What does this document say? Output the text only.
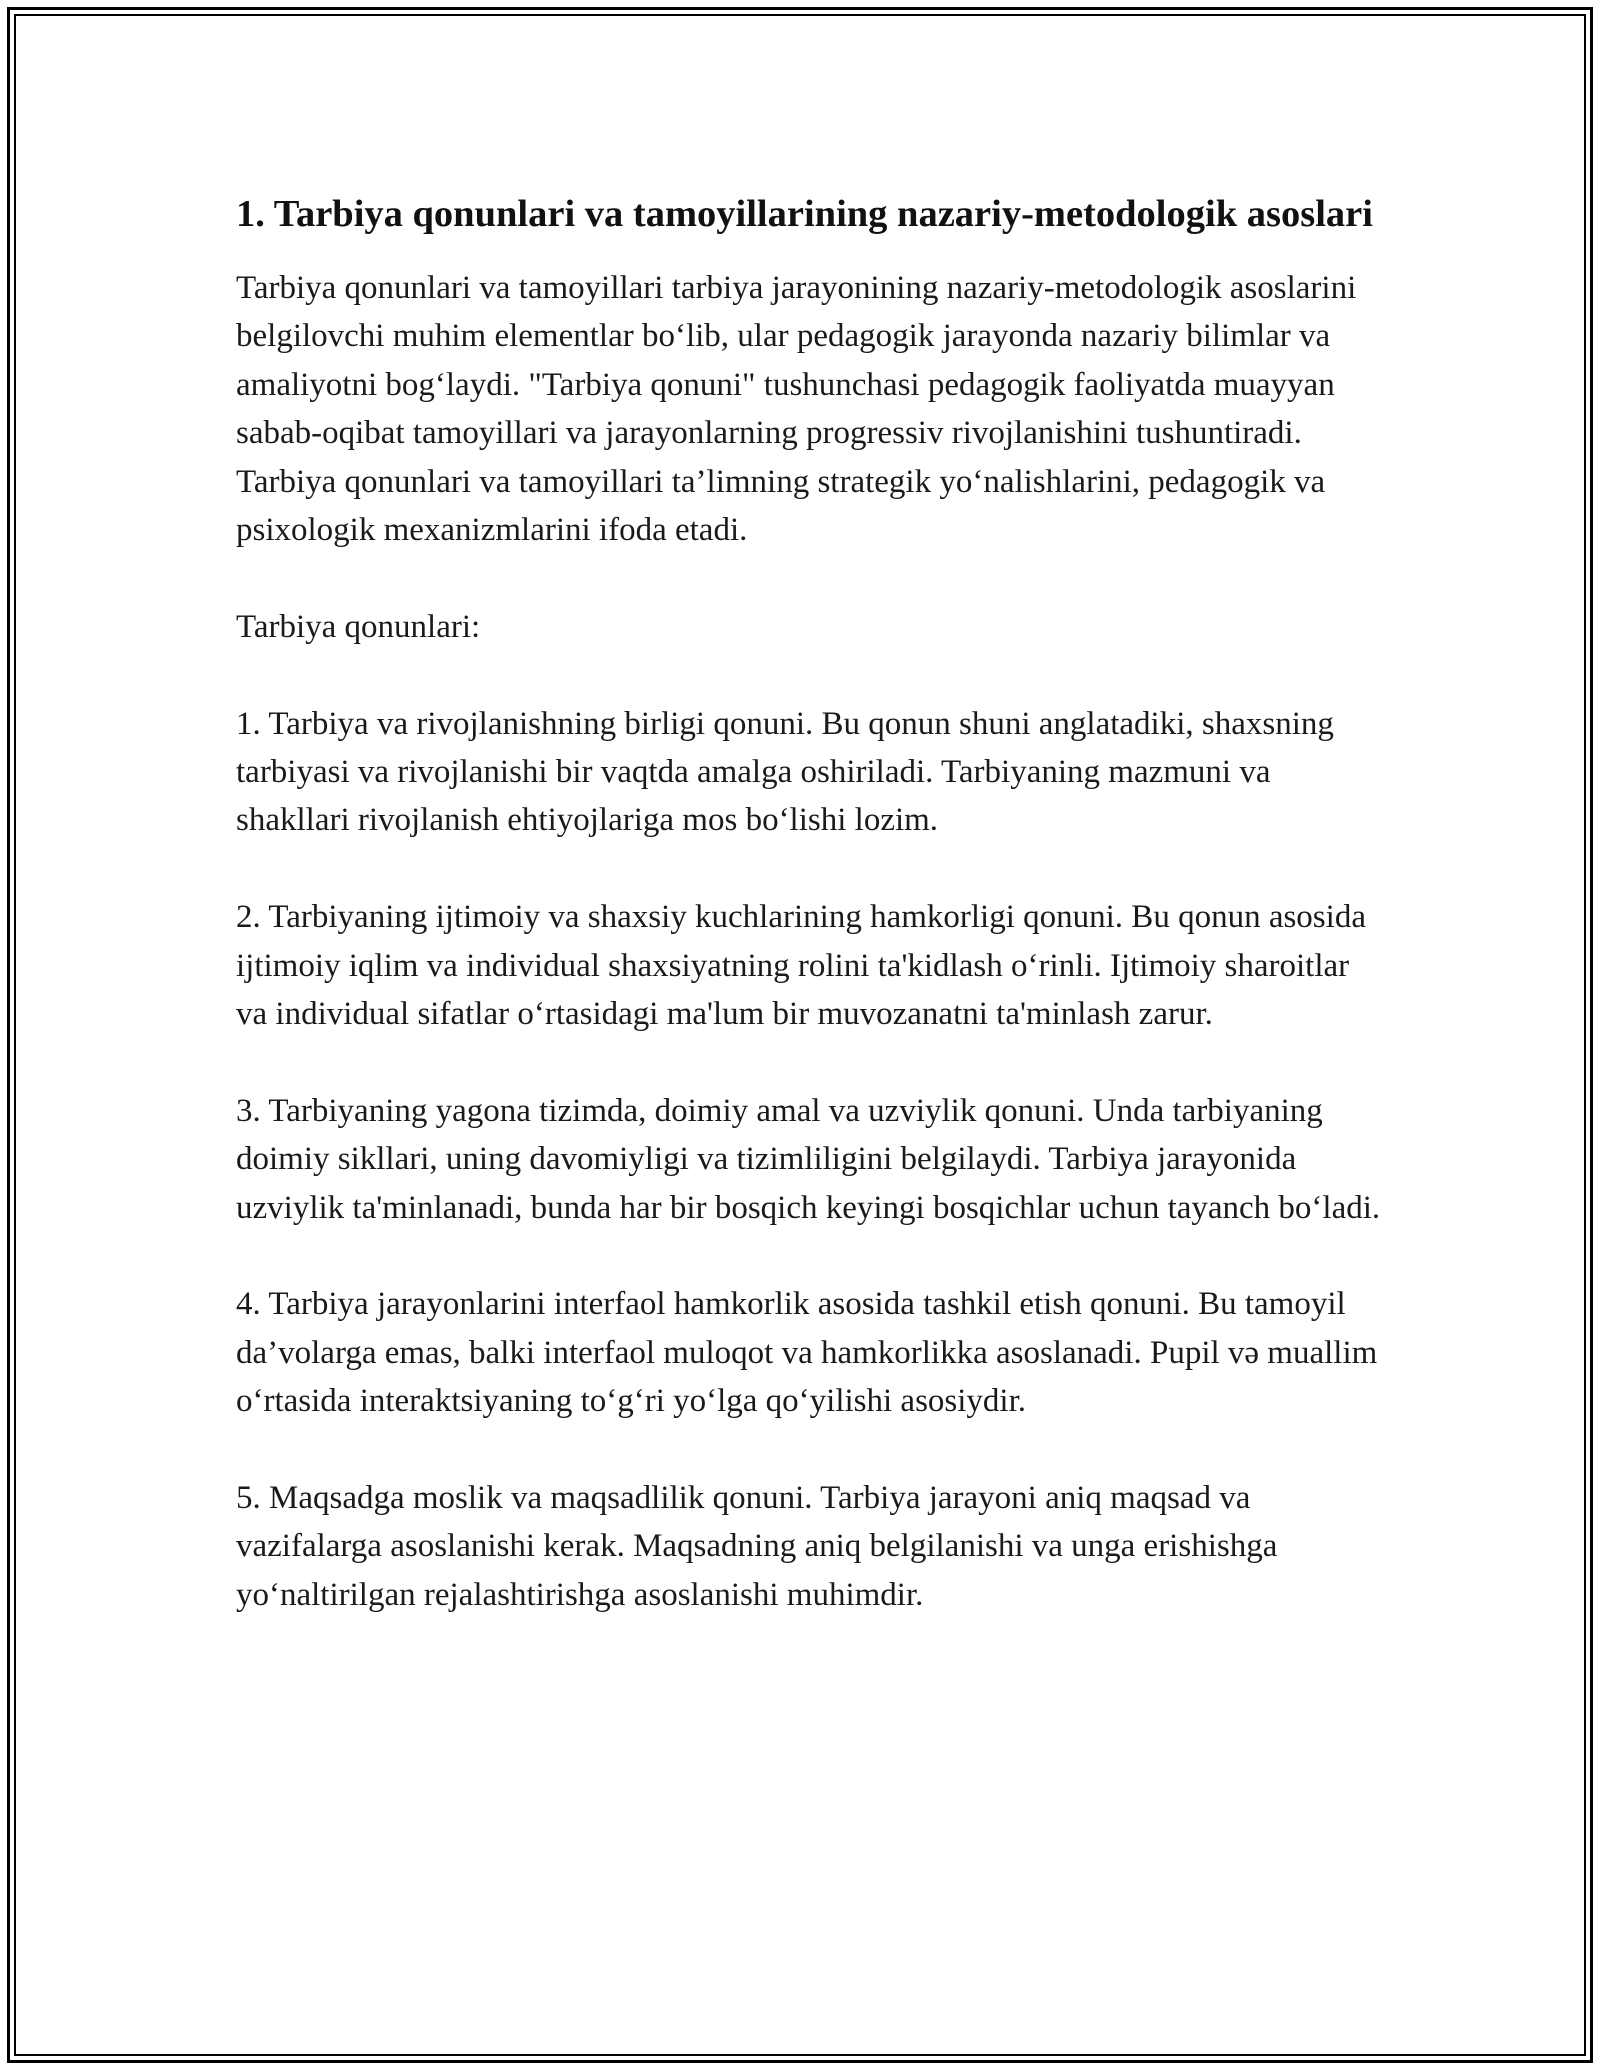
1. Tarbiya qonunlari va tamoyillarining nazariy-metodologik asoslari

Tarbiya qonunlari va tamoyillari tarbiya jarayonining nazariy-metodologik asoslarini belgilovchi muhim elementlar bo‘lib, ular pedagogik jarayonda nazariy bilimlar va amaliyotni bog‘laydi. "Tarbiya qonuni" tushunchasi pedagogik faoliyatda muayyan sabab-oqibat tamoyillari va jarayonlarning progressiv rivojlanishini tushuntiradi. Tarbiya qonunlari va tamoyillari ta’limning strategik yo‘nalishlarini, pedagogik va psixologik mexanizmlarini ifoda etadi.

Tarbiya qonunlari:

1. Tarbiya va rivojlanishning birligi qonuni. Bu qonun shuni anglatadiki, shaxsning tarbiyasi va rivojlanishi bir vaqtda amalga oshiriladi. Tarbiyaning mazmuni va shakllari rivojlanish ehtiyojlariga mos bo‘lishi lozim.

2. Tarbiyaning ijtimoiy va shaxsiy kuchlarining hamkorligi qonuni. Bu qonun asosida ijtimoiy iqlim va individual shaxsiyatning rolini ta'kidlash o‘rinli. Ijtimoiy sharoitlar va individual sifatlar o‘rtasidagi ma'lum bir muvozanatni ta'minlash zarur.

3. Tarbiyaning yagona tizimda, doimiy amal va uzviylik qonuni. Unda tarbiyaning doimiy sikllari, uning davomiyligi va tizimliligini belgilaydi. Tarbiya jarayonida uzviylik ta'minlanadi, bunda har bir bosqich keyingi bosqichlar uchun tayanch bo‘ladi.

4. Tarbiya jarayonlarini interfaol hamkorlik asosida tashkil etish qonuni. Bu tamoyil da’volarga emas, balki interfaol muloqot va hamkorlikka asoslanadi. Pupil və muallim o‘rtasida interaktsiyaning to‘g‘ri yo‘lga qo‘yilishi asosiydir.

5. Maqsadga moslik va maqsadlilik qonuni. Tarbiya jarayoni aniq maqsad va vazifalarga asoslanishi kerak. Maqsadning aniq belgilanishi va unga erishishga yo‘naltirilgan rejalashtirishga asoslanishi muhimdir.
